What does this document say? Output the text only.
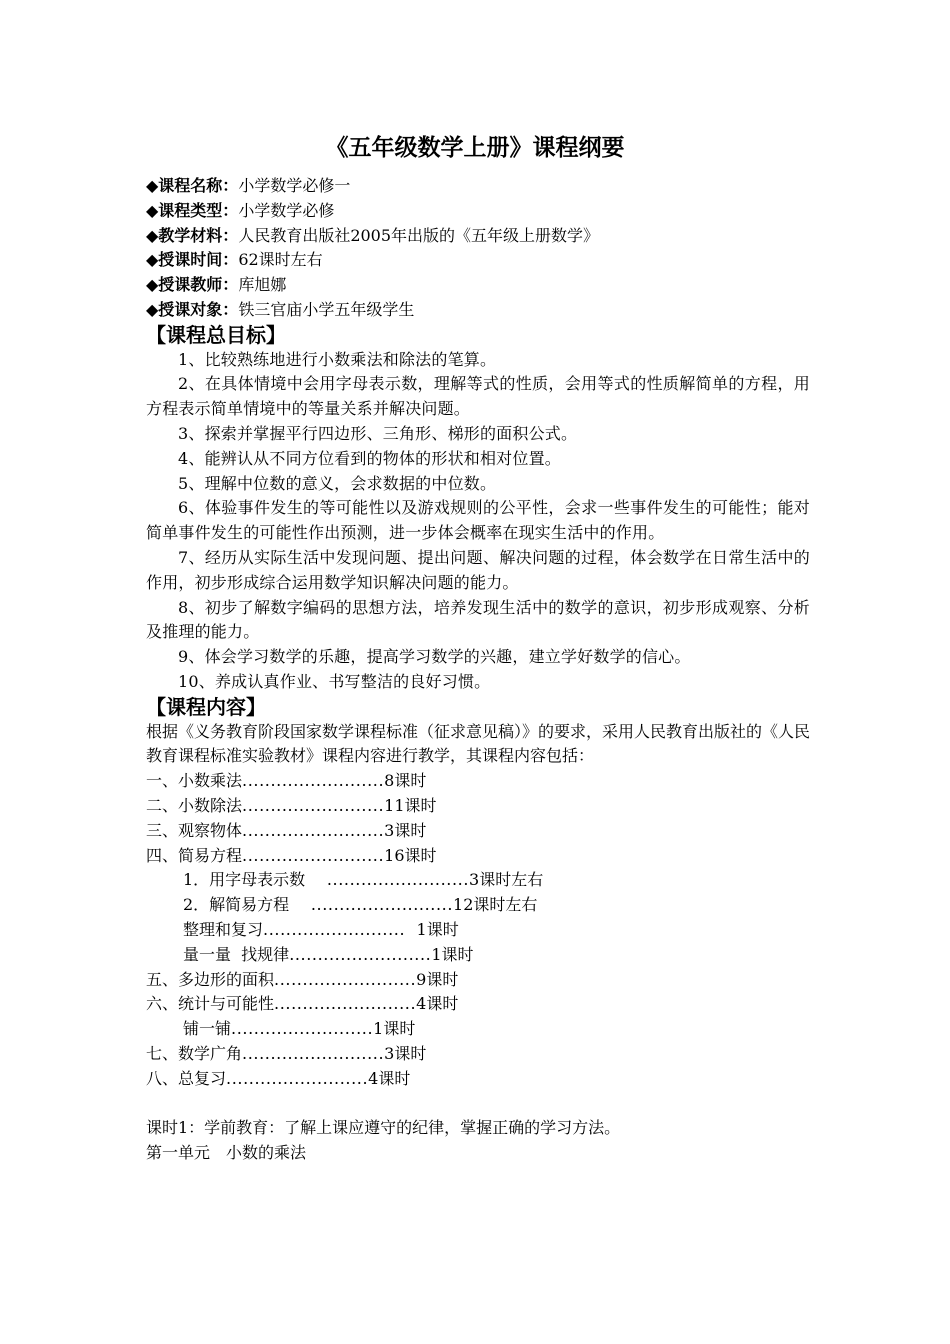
《五年级数学上册》课程纲要
◆课程名称：小学数学必修一
◆课程类型：小学数学必修
◆教学材料：人民教育出版社2005年出版的《五年级上册数学》
◆授课时间：62课时左右
◆授课教师：库旭娜
◆授课对象：铁三官庙小学五年级学生
【课程总目标】

1、比较熟练地进行小数乘法和除法的笔算。

2、在具体情境中会用字母表示数，理解等式的性质，会用等式的性质解简单的方程，用方程表示简单情境中的等量关系并解决问题。

3、探索并掌握平行四边形、三角形、梯形的面积公式。

4、能辨认从不同方位看到的物体的形状和相对位置。

5、理解中位数的意义，会求数据的中位数。

6、体验事件发生的等可能性以及游戏规则的公平性，会求一些事件发生的可能性；能对简单事件发生的可能性作出预测，进一步体会概率在现实生活中的作用。

7、经历从实际生活中发现问题、提出问题、解决问题的过程，体会数学在日常生活中的作用，初步形成综合运用数学知识解决问题的能力。

8、初步了解数字编码的思想方法，培养发现生活中的数学的意识，初步形成观察、分析及推理的能力。

9、体会学习数学的乐趣，提高学习数学的兴趣，建立学好数学的信心。

10、养成认真作业、书写整洁的良好习惯。

【课程内容】

根据《义务教育阶段国家数学课程标准（征求意见稿）》的要求，采用人民教育出版社的《人民教育课程标准实验教材》课程内容进行教学，其课程内容包括：

一、小数乘法.........................8课时
二、小数除法.........................11课时
三、观察物体.........................3课时
四、简易方程.........................16课时
1．用字母表示数　 .........................3课时左右
2．解简易方程　 .........................12课时左右
整理和复习.........................  1课时
量一量  找规律.........................1课时
五、多边形的面积.........................9课时
六、统计与可能性.........................4课时
铺一铺.........................1课时
七、数学广角.........................3课时
八、总复习.........................4课时
课时1：学前教育：了解上课应遵守的纪律，掌握正确的学习方法。
第一单元　小数的乘法
